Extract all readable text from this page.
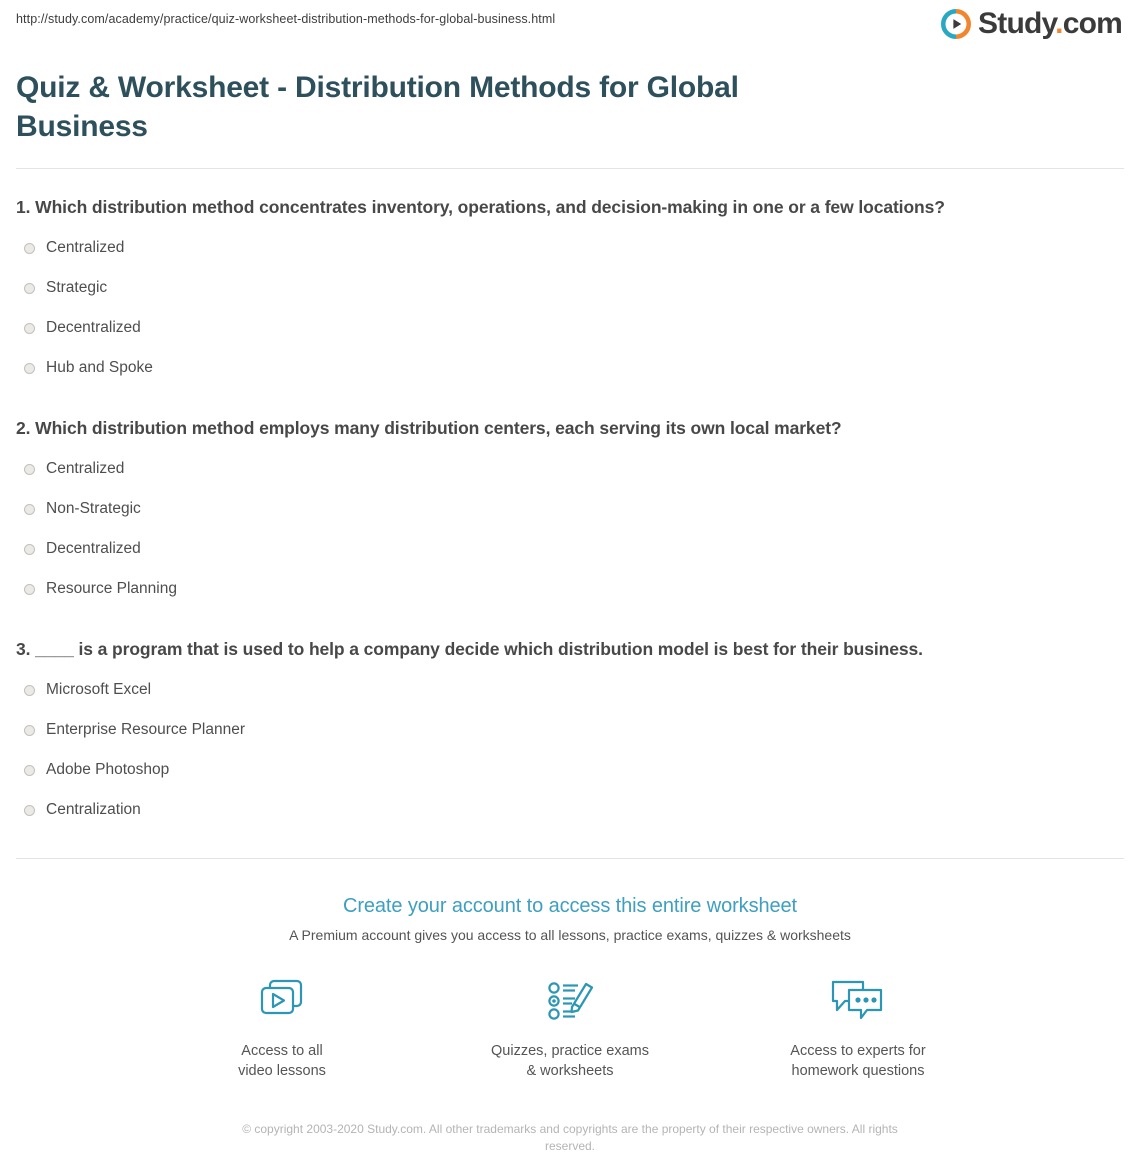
http://study.com/academy/practice/quiz-worksheet-distribution-methods-for-global-business.html	Study.com
Quiz & Worksheet - Distribution Methods for Global Business

1. Which distribution method concentrates inventory, operations, and decision-making in one or a few locations?

Centralized
Strategic
Decentralized
Hub and Spoke

2. Which distribution method employs many distribution centers, each serving its own local market?

Centralized
Non-Strategic
Decentralized
Resource Planning

3. ____ is a program that is used to help a company decide which distribution model is best for their business.

Microsoft Excel
Enterprise Resource Planner
Adobe Photoshop
Centralization
Create your account to access this entire worksheet
A Premium account gives you access to all lessons, practice exams, quizzes & worksheets
Access to all
video lessons
Quizzes, practice exams
& worksheets
Access to experts for
homework questions
© copyright 2003-2020 Study.com. All other trademarks and copyrights are the property of their respective owners. All rights reserved.
